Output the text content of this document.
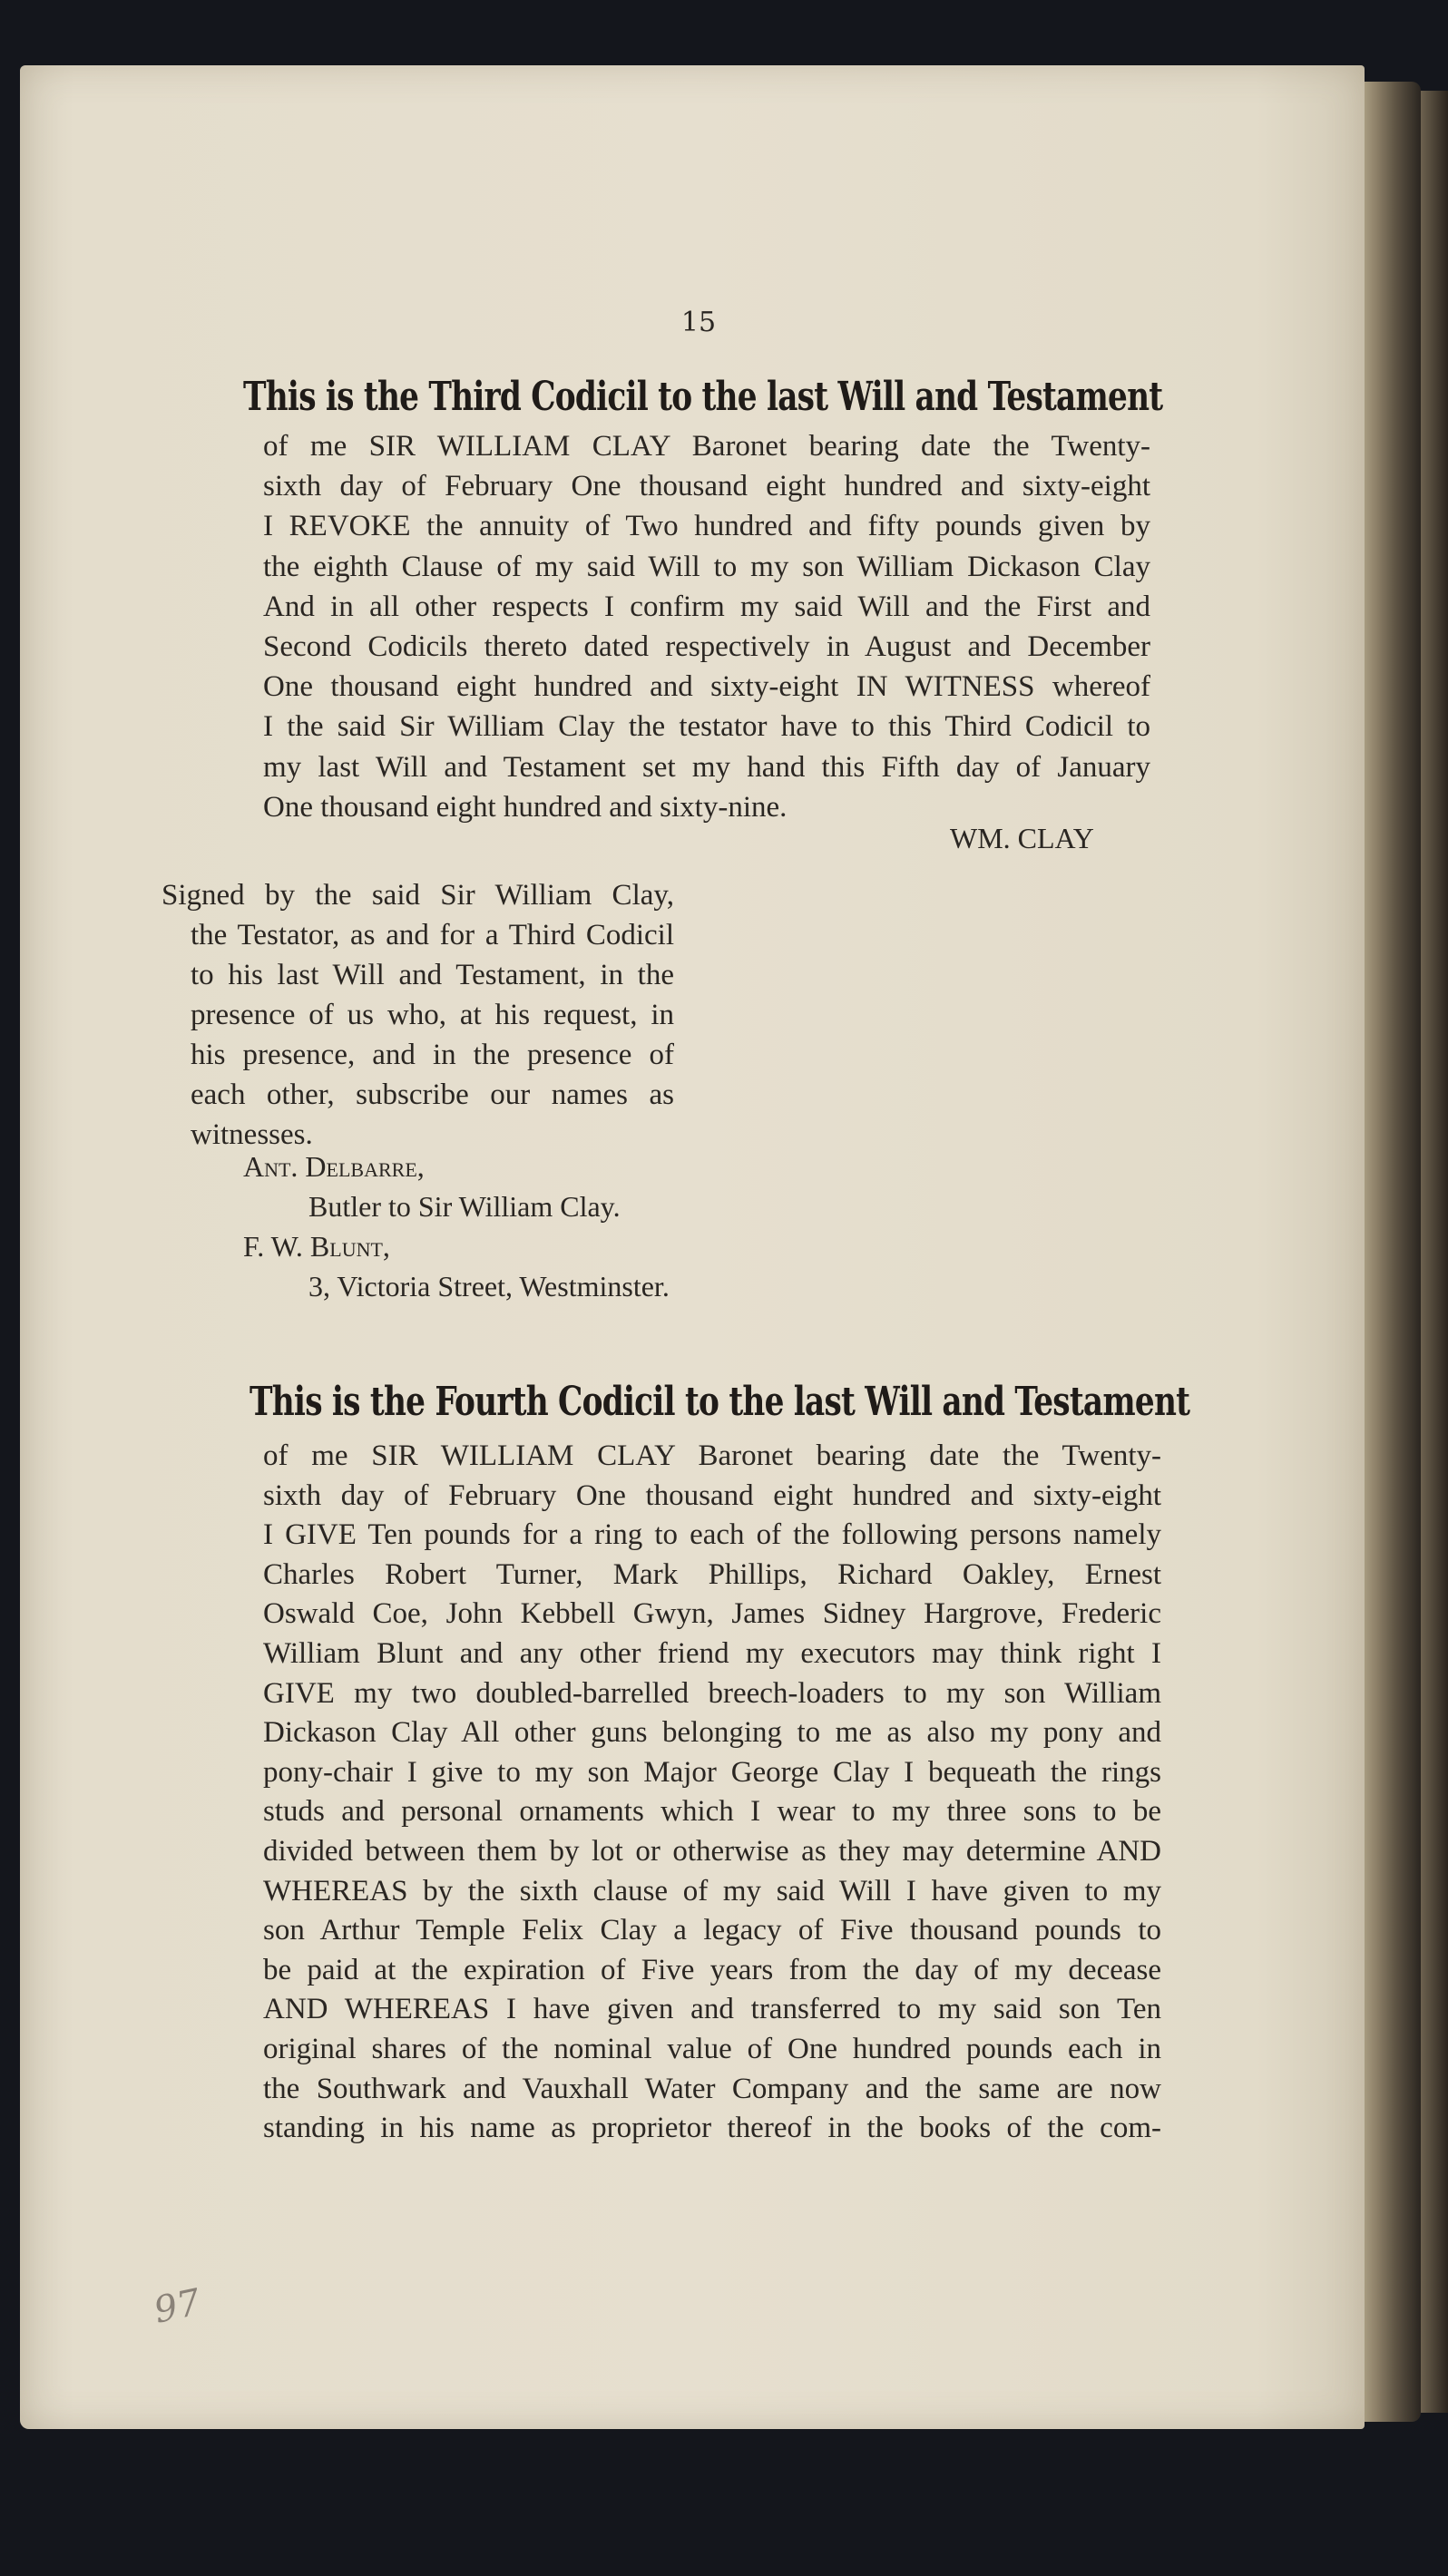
15
This is the Third Codicil to the last Will and Testament
of me SIR WILLIAM CLAY Baronet bearing date the Twenty-
sixth day of February One thousand eight hundred and sixty-eight
I REVOKE the annuity of Two hundred and fifty pounds given by
the eighth Clause of my said Will to my son William Dickason Clay
And in all other respects I confirm my said Will and the First and
Second Codicils thereto dated respectively in August and December
One thousand eight hundred and sixty-eight IN WITNESS whereof
I the said Sir William Clay the testator have to this Third Codicil to
my last Will and Testament set my hand this Fifth day of January
One thousand eight hundred and sixty-nine.
WM. CLAY
Signed by the said Sir William Clay,
the Testator, as and for a Third Codicil
to his last Will and Testament, in the
presence of us who, at his request, in
his presence, and in the presence of
each other, subscribe our names as
witnesses.
Ant. Delbarre,
Butler to Sir William Clay.
F. W. Blunt,
3, Victoria Street, Westminster.
This is the Fourth Codicil to the last Will and Testament
of me SIR WILLIAM CLAY Baronet bearing date the Twenty-
sixth day of February One thousand eight hundred and sixty-eight
I GIVE Ten pounds for a ring to each of the following persons namely
Charles Robert Turner, Mark Phillips, Richard Oakley, Ernest
Oswald Coe, John Kebbell Gwyn, James Sidney Hargrove, Frederic
William Blunt and any other friend my executors may think right I
GIVE my two doubled-barrelled breech-loaders to my son William
Dickason Clay All other guns belonging to me as also my pony and
pony-chair I give to my son Major George Clay I bequeath the rings
studs and personal ornaments which I wear to my three sons to be
divided between them by lot or otherwise as they may determine AND
WHEREAS by the sixth clause of my said Will I have given to my
son Arthur Temple Felix Clay a legacy of Five thousand pounds to
be paid at the expiration of Five years from the day of my decease
AND WHEREAS I have given and transferred to my said son Ten
original shares of the nominal value of One hundred pounds each in
the Southwark and Vauxhall Water Company and the same are now
standing in his name as proprietor thereof in the books of the com-
97
